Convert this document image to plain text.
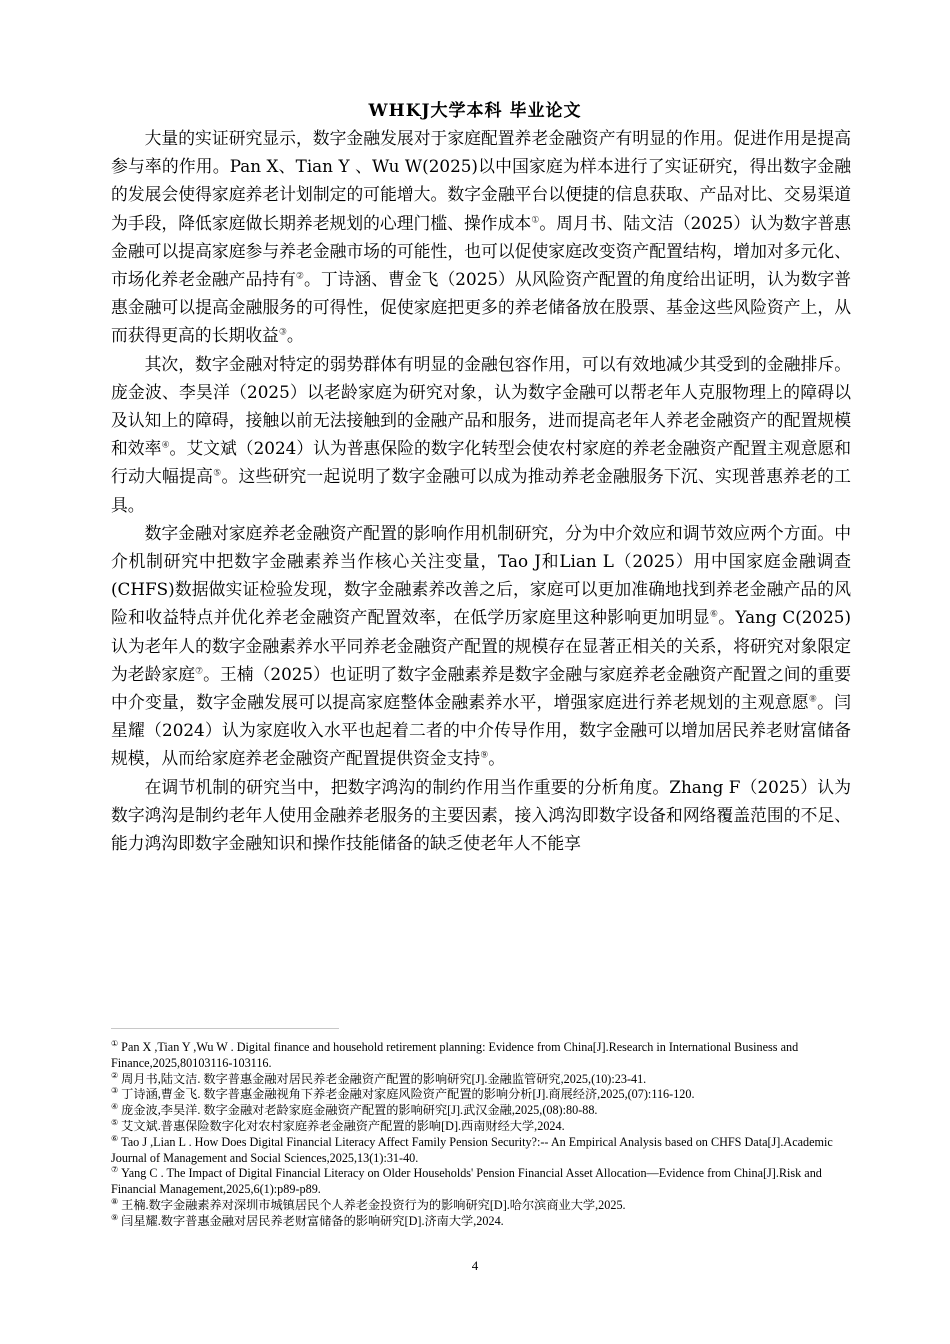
WHKJ大学本科 毕业论文

大量的实证研究显示，数字金融发展对于家庭配置养老金融资产有明显的作用。促进作用是提高参与率的作用。Pan X、Tian Y 、Wu W(2025)以中国家庭为样本进行了实证研究，得出数字金融的发展会使得家庭养老计划制定的可能增大。数字金融平台以便捷的信息获取、产品对比、交易渠道为手段，降低家庭做长期养老规划的心理门槛、操作成本①。周月书、陆文洁（2025）认为数字普惠金融可以提高家庭参与养老金融市场的可能性，也可以促使家庭改变资产配置结构，增加对多元化、市场化养老金融产品持有②。丁诗涵、曹金飞（2025）从风险资产配置的角度给出证明，认为数字普惠金融可以提高金融服务的可得性，促使家庭把更多的养老储备放在股票、基金这些风险资产上，从而获得更高的长期收益③。

其次，数字金融对特定的弱势群体有明显的金融包容作用，可以有效地减少其受到的金融排斥。庞金波、李昊洋（2025）以老龄家庭为研究对象，认为数字金融可以帮老年人克服物理上的障碍以及认知上的障碍，接触以前无法接触到的金融产品和服务，进而提高老年人养老金融资产的配置规模和效率④。艾文斌（2024）认为普惠保险的数字化转型会使农村家庭的养老金融资产配置主观意愿和行动大幅提高⑤。这些研究一起说明了数字金融可以成为推动养老金融服务下沉、实现普惠养老的工具。

数字金融对家庭养老金融资产配置的影响作用机制研究，分为中介效应和调节效应两个方面。中介机制研究中把数字金融素养当作核心关注变量，Tao J和Lian L（2025）用中国家庭金融调查(CHFS)数据做实证检验发现，数字金融素养改善之后，家庭可以更加准确地找到养老金融产品的风险和收益特点并优化养老金融资产配置效率，在低学历家庭里这种影响更加明显⑥。Yang C(2025)认为老年人的数字金融素养水平同养老金融资产配置的规模存在显著正相关的关系，将研究对象限定为老龄家庭⑦。王楠（2025）也证明了数字金融素养是数字金融与家庭养老金融资产配置之间的重要中介变量，数字金融发展可以提高家庭整体金融素养水平，增强家庭进行养老规划的主观意愿⑧。闫星耀（2024）认为家庭收入水平也起着二者的中介传导作用，数字金融可以增加居民养老财富储备规模，从而给家庭养老金融资产配置提供资金支持⑨。

在调节机制的研究当中，把数字鸿沟的制约作用当作重要的分析角度。Zhang F（2025）认为数字鸿沟是制约老年人使用金融养老服务的主要因素，接入鸿沟即数字设备和网络覆盖范围的不足、能力鸿沟即数字金融知识和操作技能储备的缺乏使老年人不能享

① Pan X ,Tian Y ,Wu W . Digital finance and household retirement planning: Evidence from China[J].Research in International Business and Finance,2025,80103116-103116.
② 周月书,陆文洁. 数字普惠金融对居民养老金融资产配置的影响研究[J].金融监管研究,2025,(10):23-41.
③ 丁诗涵,曹金飞. 数字普惠金融视角下养老金融对家庭风险资产配置的影响分析[J].商展经济,2025,(07):116-120.
④ 庞金波,李昊洋. 数字金融对老龄家庭金融资产配置的影响研究[J].武汉金融,2025,(08):80-88.
⑤ 艾文斌.普惠保险数字化对农村家庭养老金融资产配置的影响[D].西南财经大学,2024.
⑥ Tao J ,Lian L . How Does Digital Financial Literacy Affect Family Pension Security?:-- An Empirical Analysis based on CHFS Data[J].Academic Journal of Management and Social Sciences,2025,13(1):31-40.
⑦ Yang C . The Impact of Digital Financial Literacy on Older Households' Pension Financial Asset Allocation—Evidence from China[J].Risk and Financial Management,2025,6(1):p89-p89.
⑧ 王楠.数字金融素养对深圳市城镇居民个人养老金投资行为的影响研究[D].哈尔滨商业大学,2025.
⑨ 闫星耀.数字普惠金融对居民养老财富储备的影响研究[D].济南大学,2024.
4
